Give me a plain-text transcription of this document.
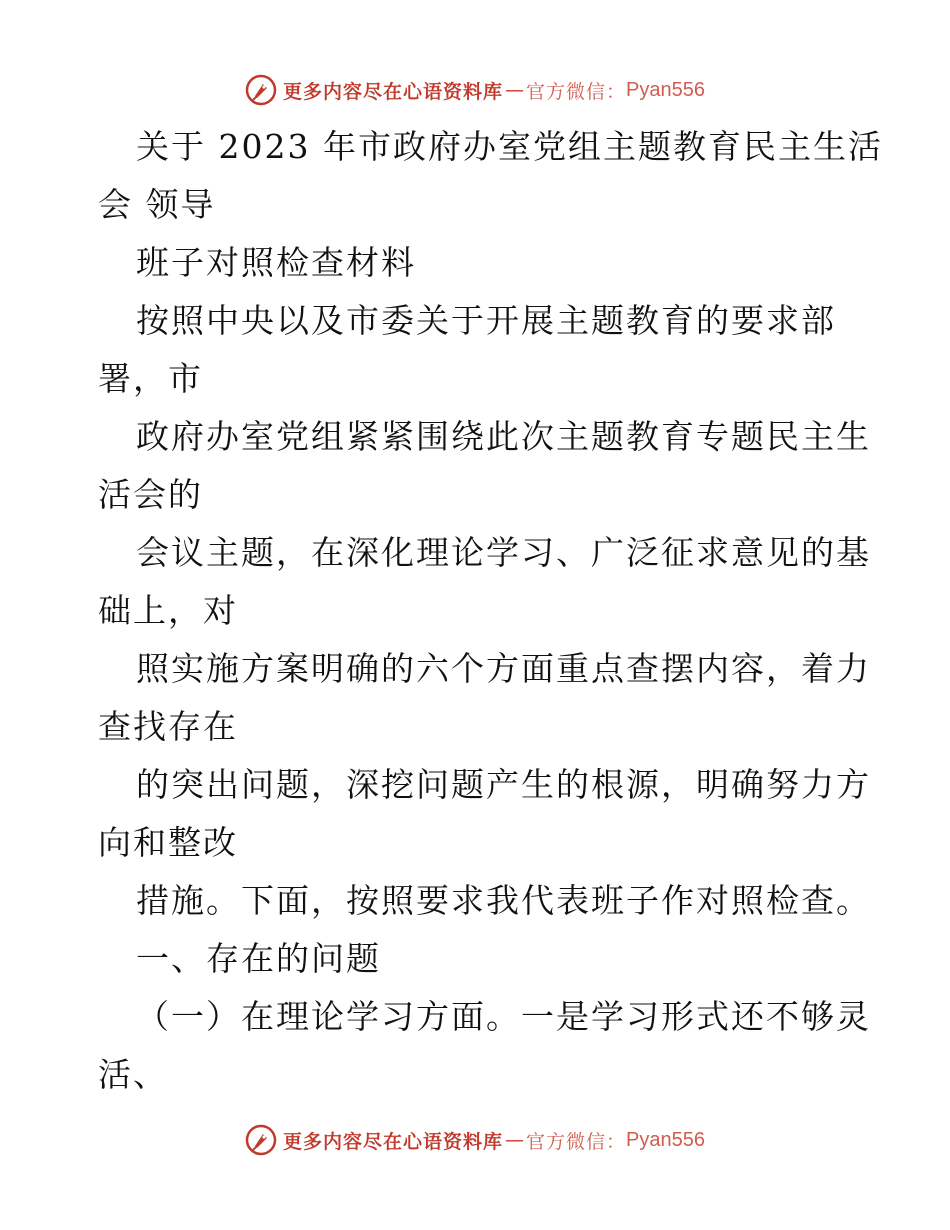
更多内容尽在心语资料库 — 官方微信： Pyan556
关于 2023 年市政府办室党组主题教育民主生活
会 领导
班子对照检查材料
按照中央以及市委关于开展主题教育的要求部
署，市
政府办室党组紧紧围绕此次主题教育专题民主生
活会的
会议主题，在深化理论学习、广泛征求意见的基
础上，对
照实施方案明确的六个方面重点查摆内容，着力
查找存在
的突出问题，深挖问题产生的根源，明确努力方
向和整改
措施。下面，按照要求我代表班子作对照检查。
一、存在的问题
（一）在理论学习方面。一是学习形式还不够灵
活、
更多内容尽在心语资料库 — 官方微信： Pyan556
